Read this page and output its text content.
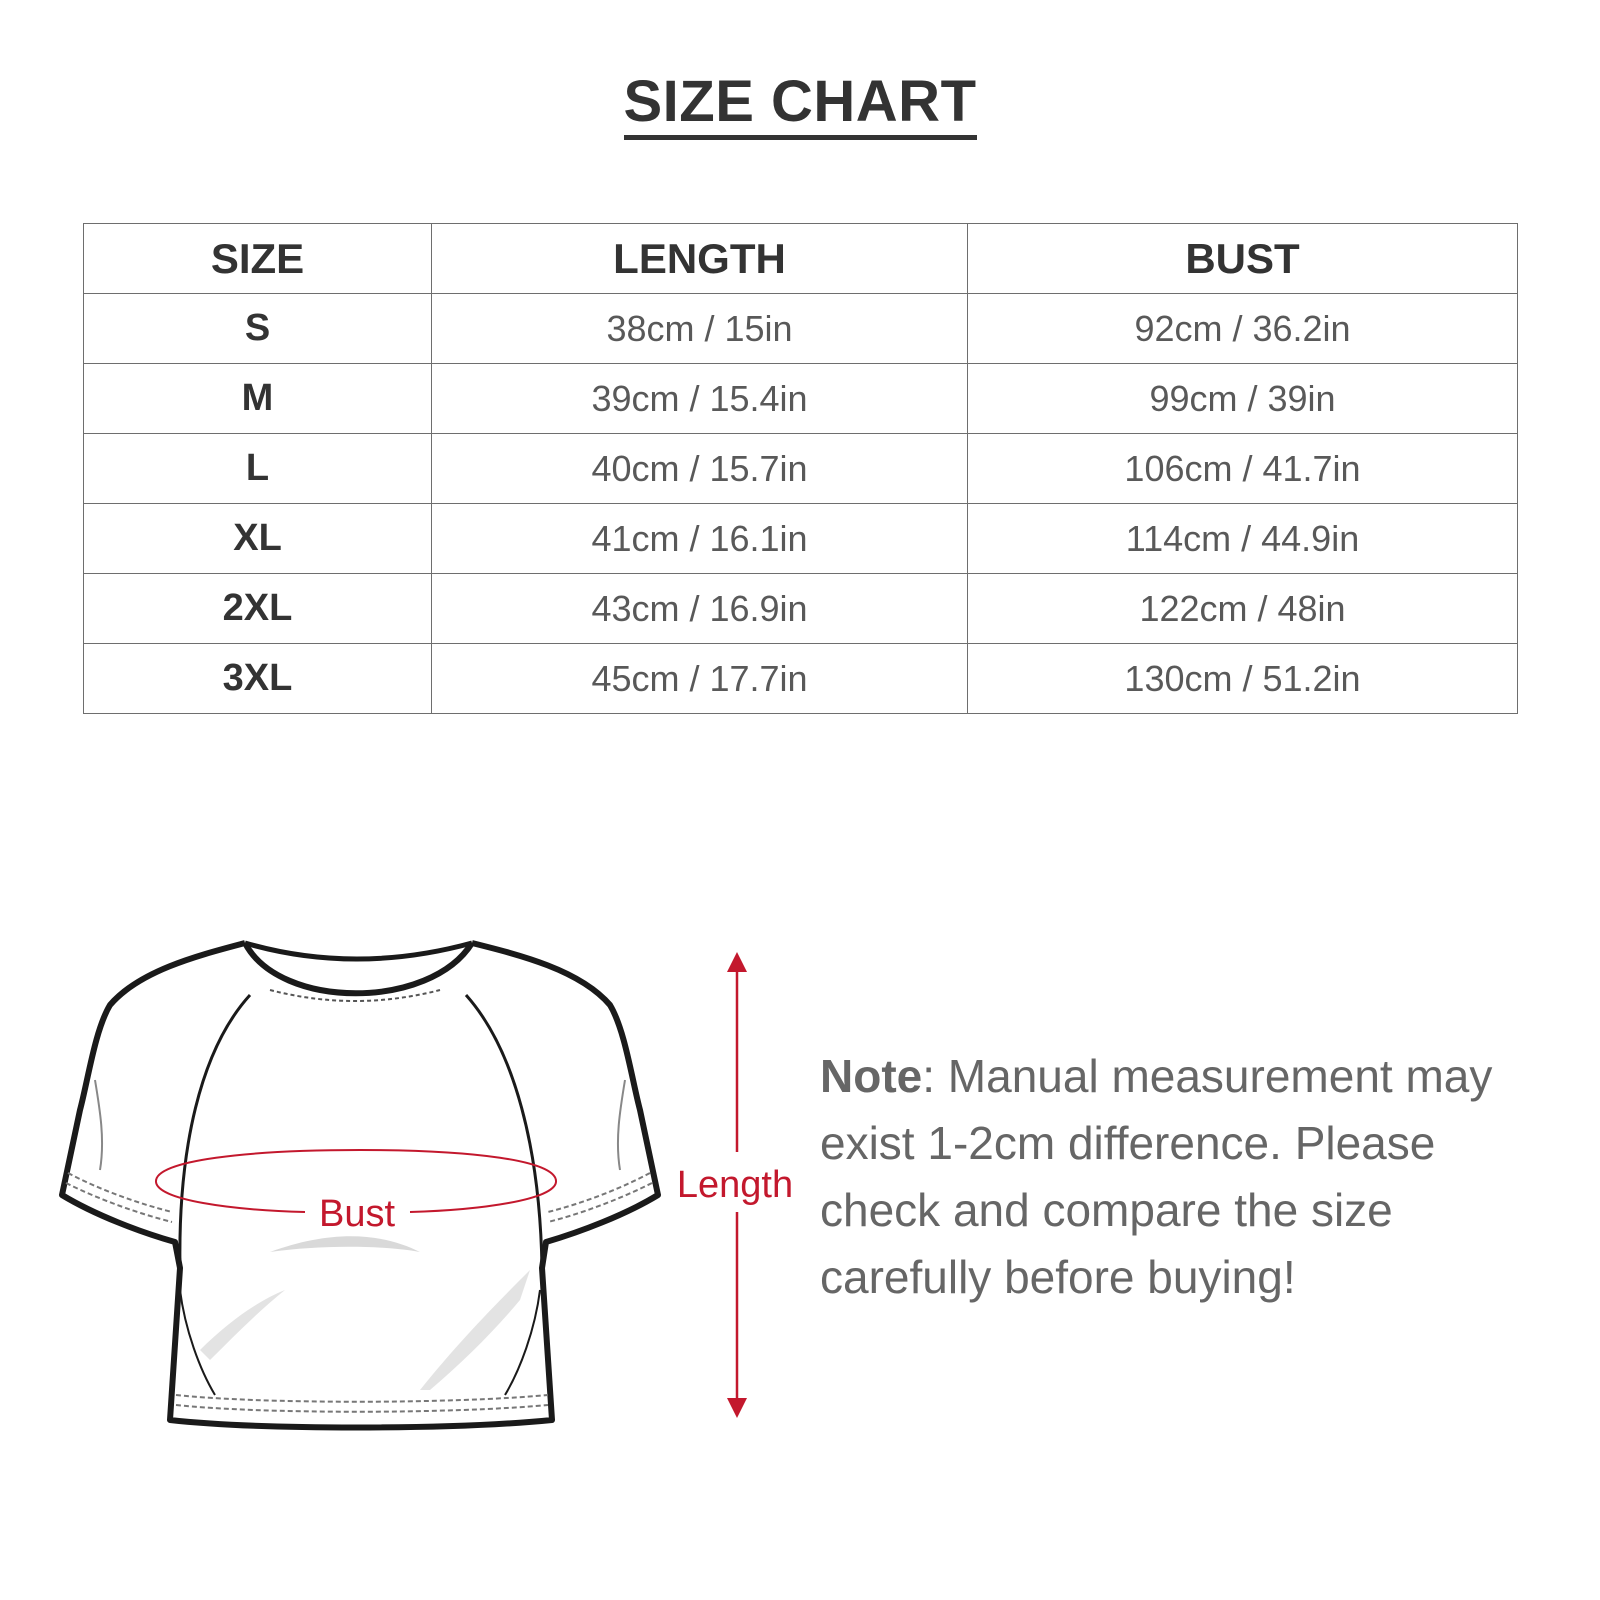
SIZE CHART
SIZE	LENGTH	BUST
S	38cm / 15in	92cm / 36.2in
M	39cm / 15.4in	99cm / 39in
L	40cm / 15.7in	106cm / 41.7in
XL	41cm / 16.1in	114cm / 44.9in
2XL	43cm / 16.9in	122cm / 48in
3XL	45cm / 17.7in	130cm / 51.2in
Bust
Length
Note: Manual measurement may exist 1-2cm difference. Please check and compare the size carefully before buying!
